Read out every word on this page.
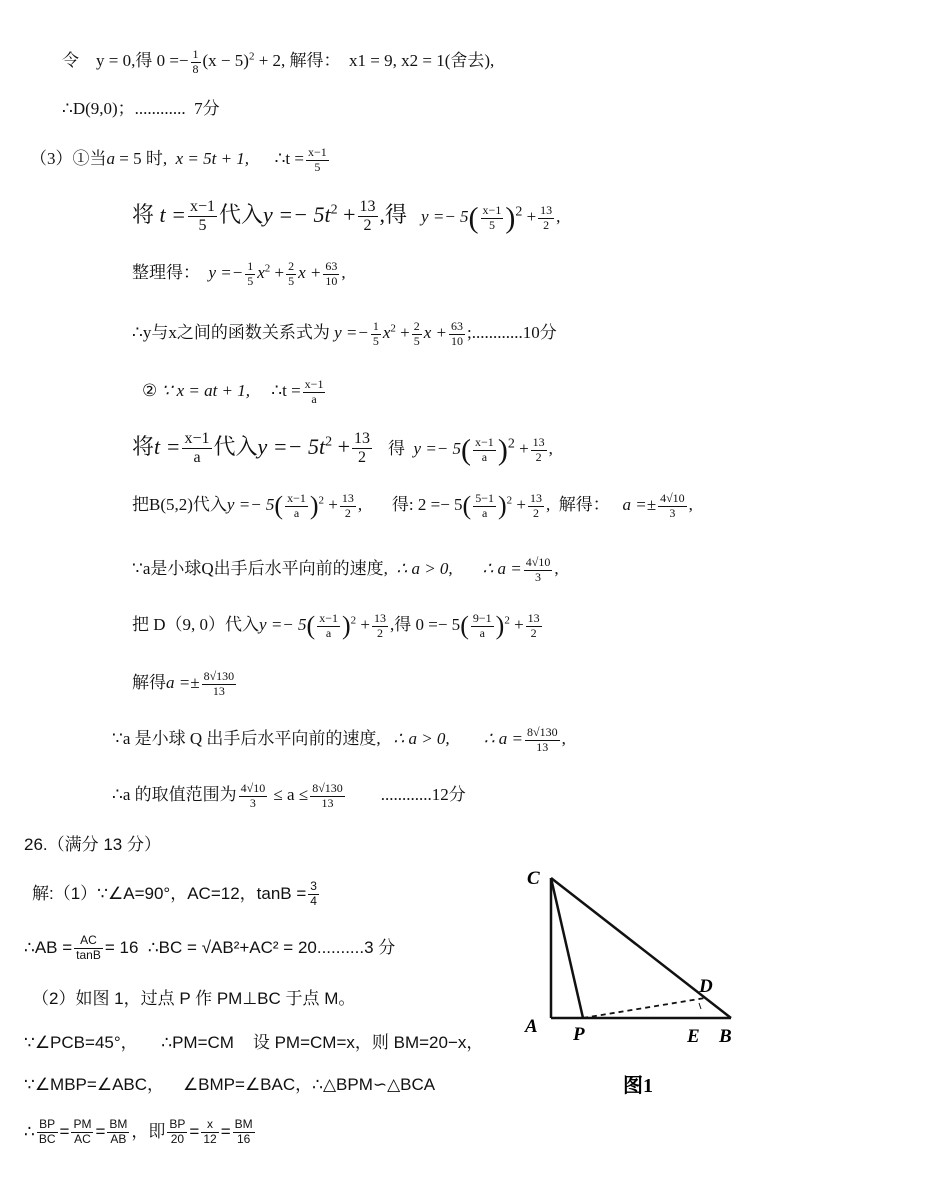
令 y = 0,得 $0 =- \frac{1}{8} (x - 5)^2 + 2$, 解得： x1 = 9, x2 = 1(舍去),
∴D(9,0)；............ 7分
（3）①当a = 5 时, x = 5t + 1, ∴t = $\frac{x-1}{5}$
将 $t = \frac{x-1}{5}$ 代入$y =- 5t^2 + \frac{13}{2}$ ,得 $y =- 5( \frac{x-1}{5} )^2 + \frac{13}{2}$ ,
整理得： $y =- \frac{1}{5} x^2 + \frac{2}{5}$ $x + \frac{63}{10}$ ,
∴y与x之间的函数关系式为 $y =- \frac{1}{5} x^2 + \frac{2}{5}$ $x + \frac{63}{10}$ ;............10分
② ∵ x = at + 1, ∴t = $\frac{x-1}{a}$
将$t = \frac{x-1}{a}$ 代入$y =- 5t^2 + \frac{13}{2}$ 得 $y =- 5( \frac{x-1}{a} )^2 + \frac{13}{2}$ ,
把B(5,2)代入$y =- 5( \frac{x-1}{a} )^2 + \frac{13}{2}$ , 得: $2 =- 5( \frac{5-1}{a} )^2 + \frac{13}{2}$ , 解得： $a =\pm \frac{4√10}{3}$ ,
∵a是小球Q出手后水平向前的速度, ∴ a > 0, ∴ $a = \frac{4√10}{3}$ ,
把 D（9, 0）代入$y =- 5( \frac{x-1}{a} )^2 + \frac{13}{2}$ ,得 $0 =- 5( \frac{9-1}{a} )^2 + \frac{13}{2}$
解得$a =\pm \frac{8√130}{13}$
∵a 是小球 Q 出手后水平向前的速度, ∴ a > 0, ∴ $a = \frac{8√130}{13}$ ,
∴a 的取值范围为 $\frac{4√10}{3} \le a \le \frac{8√130}{13} ............12$分
26.（满分 13 分）
解:（1）∵∠A=90°，AC=12，$\tan B = \frac{3}{4}$
∴AB = $\frac{AC}{\tan B} = 16$ ∴BC = √AB²+AC² = 20..........3 分
（2）如图 1，过点 P 作 PM⊥BC 于点 M。
∵∠PCB=45°， ∴PM=CM 设 PM=CM=x，则 BM=20−x，
∵∠MBP=∠ABC， ∠BMP=∠BAC，∴△BPM∽△BCA
∴ $\frac{BP}{BC} = \frac{PM}{AC} = \frac{BM}{AB}$ ，即 $\frac{BP}{20} = \frac{x}{12} = \frac{BM}{16}$
C
A P	E B
D
图1
